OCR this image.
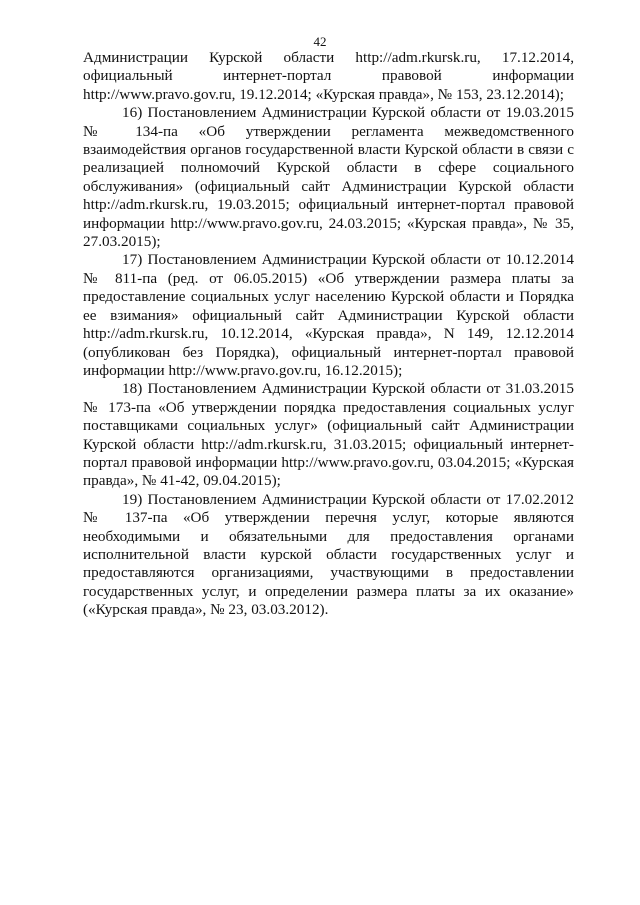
42

Администрации Курской области http://adm.rkursk.ru, 17.12.2014, официальный интернет-портал правовой информации http://www.pravo.gov.ru, 19.12.2014; «Курская правда», № 153, 23.12.2014);

16) Постановлением Администрации Курской области от 19.03.2015 № 134-па «Об утверждении регламента межведомственного взаимодействия органов государственной власти Курской области в связи с реализацией полномочий Курской области в сфере социального обслуживания» (официальный сайт Администрации Курской области http://adm.rkursk.ru, 19.03.2015; официальный интернет-портал правовой информации http://www.pravo.gov.ru, 24.03.2015; «Курская правда», № 35, 27.03.2015);

17) Постановлением Администрации Курской области от 10.12.2014 № 811-па (ред. от 06.05.2015) «Об утверждении размера платы за предоставление социальных услуг населению Курской области и Порядка ее взимания» официальный сайт Администрации Курской области http://adm.rkursk.ru, 10.12.2014, «Курская правда», N 149, 12.12.2014 (опубликован без Порядка), официальный интернет-портал правовой информации http://www.pravo.gov.ru, 16.12.2015);

18) Постановлением Администрации Курской области от 31.03.2015 № 173-па «Об утверждении порядка предоставления социальных услуг поставщиками социальных услуг» (официальный сайт Администрации Курской области http://adm.rkursk.ru, 31.03.2015; официальный интернет-портал правовой информации http://www.pravo.gov.ru, 03.04.2015; «Курская правда», № 41-42, 09.04.2015);

19) Постановлением Администрации Курской области от 17.02.2012 № 137-па «Об утверждении перечня услуг, которые являются необходимыми и обязательными для предоставления органами исполнительной власти курской области государственных услуг и предоставляются организациями, участвующими в предоставлении государственных услуг, и определении размера платы за их оказание» («Курская правда», № 23, 03.03.2012).
